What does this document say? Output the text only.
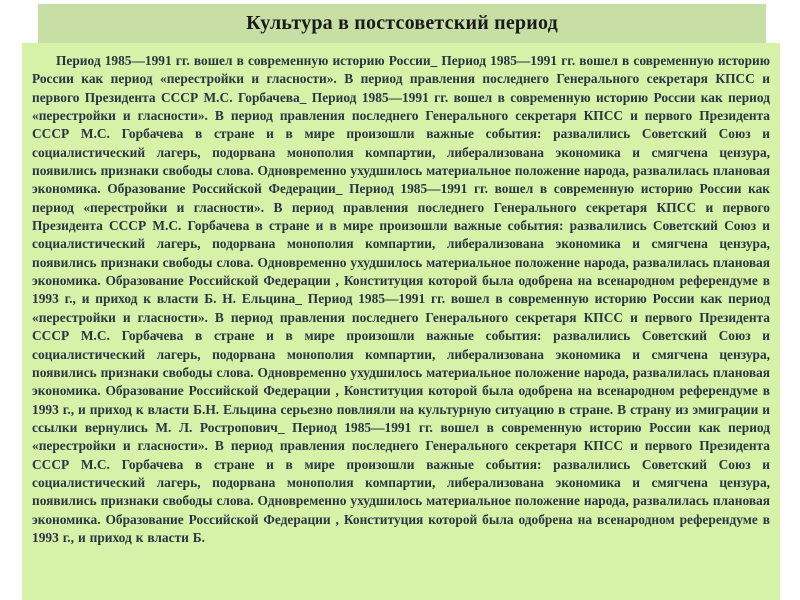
Культура в постсоветский период

Период 1985—1991 гг. вошел в современную историю России_ Период 1985—1991 гг. вошел в современную историю России как период «перестройки и гласности». В период правления последнего Генерального секретаря КПСС и первого Президента СССР М.С. Горбачева_ Период 1985—1991 гг. вошел в современную историю России как период «перестройки и гласности». В период правления последнего Генерального секретаря КПСС и первого Президента СССР М.С. Горбачева в стране и в мире произошли важные события: развалились Советский Союз и социалистический лагерь, подорвана монополия компартии, либерализована экономика и смягчена цензура, появились признаки свободы слова. Одновременно ухудшилось материальное положение народа, развалилась плановая экономика. Образование Российской Федерации_ Период 1985—1991 гг. вошел в современную историю России как период «перестройки и гласности». В период правления последнего Генерального секретаря КПСС и первого Президента СССР М.С. Горбачева в стране и в мире произошли важные события: развалились Советский Союз и социалистический лагерь, подорвана монополия компартии, либерализована экономика и смягчена цензура, появились признаки свободы слова. Одновременно ухудшилось материальное положение народа, развалилась плановая экономика. Образование Российской Федерации , Конституция которой была одобрена на всенародном референдуме в 1993 г., и приход к власти Б. Н. Ельцина_ Период 1985—1991 гг. вошел в современную историю России как период «перестройки и гласности». В период правления последнего Генерального секретаря КПСС и первого Президента СССР М.С. Горбачева в стране и в мире произошли важные события: развалились Советский Союз и социалистический лагерь, подорвана монополия компартии, либерализована экономика и смягчена цензура, появились признаки свободы слова. Одновременно ухудшилось материальное положение народа, развалилась плановая экономика. Образование Российской Федерации , Конституция которой была одобрена на всенародном референдуме в 1993 г., и приход к власти Б.Н. Ельцина серьезно повлияли на культурную ситуацию в стране. В страну из эмиграции и ссылки вернулись М. Л. Ростропович_ Период 1985—1991 гг. вошел в современную историю России как период «перестройки и гласности». В период правления последнего Генерального секретаря КПСС и первого Президента СССР М.С. Горбачева в стране и в мире произошли важные события: развалились Советский Союз и социалистический лагерь, подорвана монополия компартии, либерализована экономика и смягчена цензура, появились признаки свободы слова. Одновременно ухудшилось материальное положение народа, развалилась плановая экономика. Образование Российской Федерации , Конституция которой была одобрена на всенародном референдуме в 1993 г., и приход к власти Б.
